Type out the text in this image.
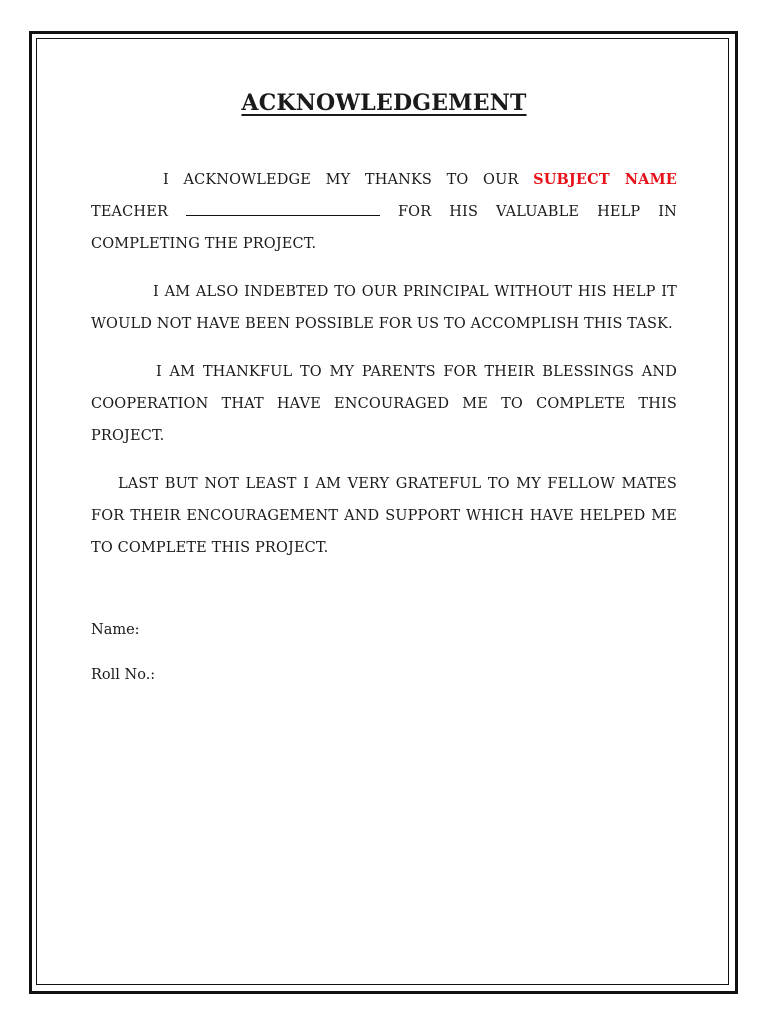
ACKNOWLEDGEMENT

I ACKNOWLEDGE MY THANKS TO OUR SUBJECT NAME TEACHER	FOR HIS VALUABLE HELP IN COMPLETING THE PROJECT.

I AM ALSO INDEBTED TO OUR PRINCIPAL WITHOUT HIS HELP IT WOULD NOT HAVE BEEN POSSIBLE FOR US TO ACCOMPLISH THIS TASK.

I AM THANKFUL TO MY PARENTS FOR THEIR BLESSINGS AND COOPERATION THAT HAVE ENCOURAGED ME TO COMPLETE THIS PROJECT.

LAST BUT NOT LEAST I AM VERY GRATEFUL TO MY FELLOW MATES FOR THEIR ENCOURAGEMENT AND SUPPORT WHICH HAVE HELPED ME TO COMPLETE THIS PROJECT.

Name:

Roll No.:
